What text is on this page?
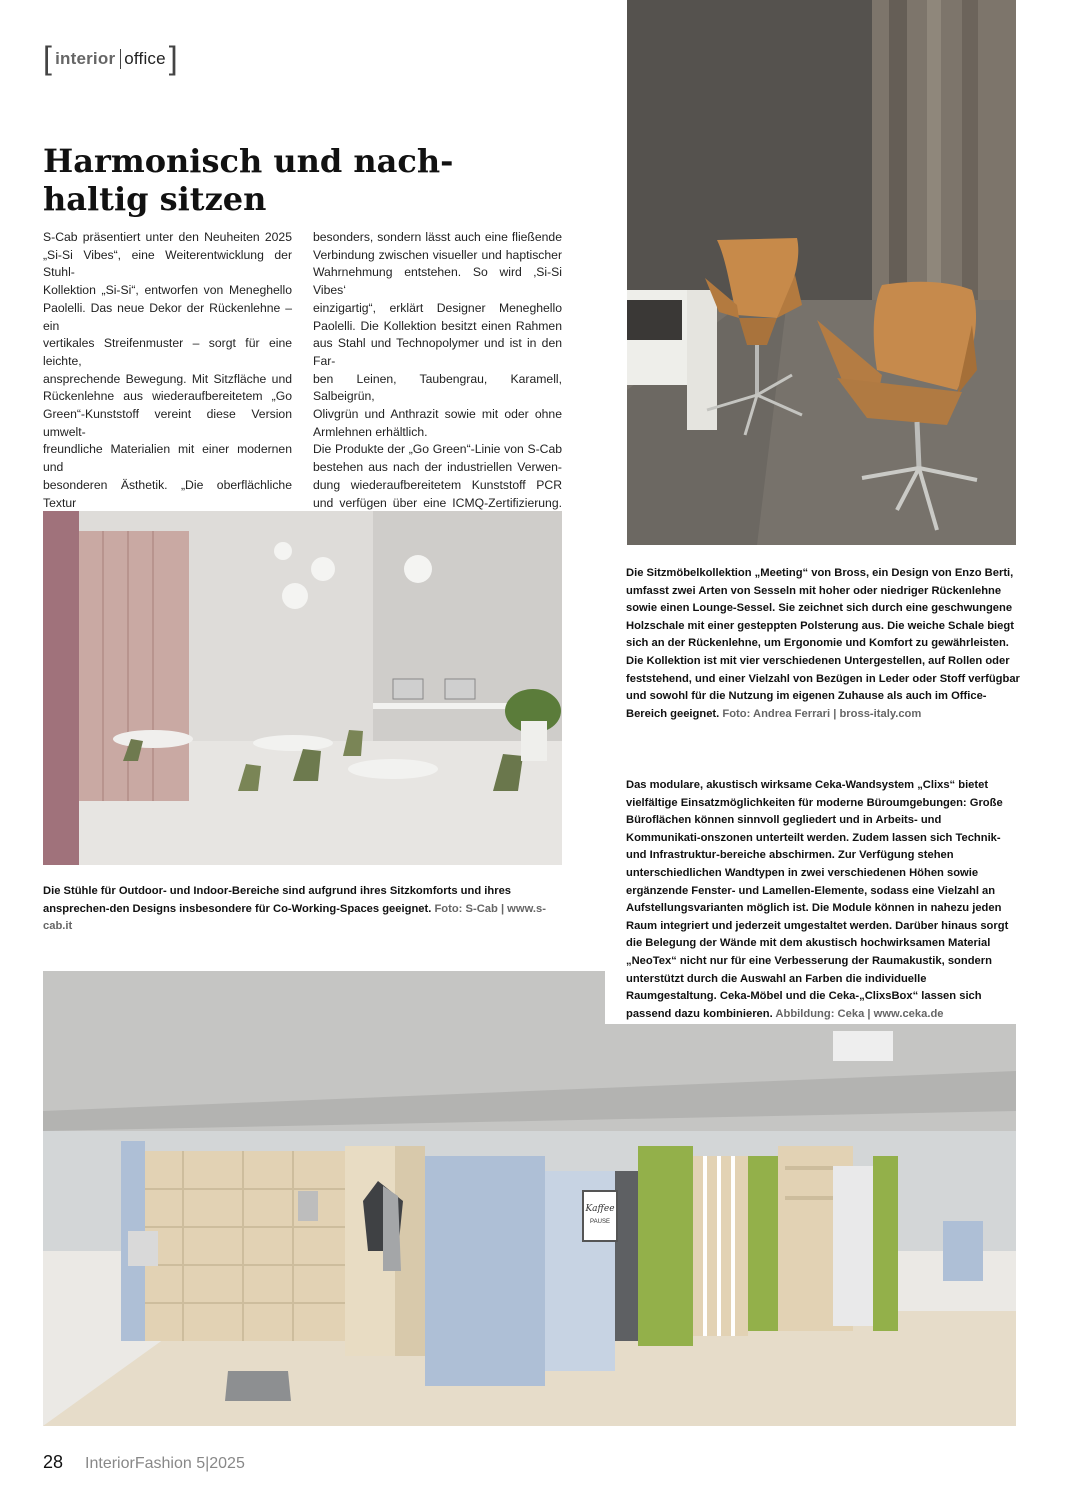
[ interior office ]
Harmonisch und nach-
haltig sitzen

S-Cab präsentiert unter den Neuheiten 2025

„Si-Si Vibes“, eine Weiterentwicklung der Stuhl-

Kollektion „Si-Si“, entworfen von Meneghello

Paolelli. Das neue Dekor der Rückenlehne – ein

vertikales Streifenmuster – sorgt für eine leichte,

ansprechende Bewegung. Mit Sitzfläche und

Rückenlehne aus wiederaufbereitetem „Go

Green“-Kunststoff vereint diese Version umwelt-

freundliche Materialien mit einer modernen und

besonderen Ästhetik. „Die oberflächliche Textur

besonders, sondern lässt auch eine fließende

Verbindung zwischen visueller und haptischer

Wahrnehmung entstehen. So wird ‚Si-Si Vibes‘

einzigartig“, erklärt Designer Meneghello

Paolelli. Die Kollektion besitzt einen Rahmen

aus Stahl und Technopolymer und ist in den Far-

ben Leinen, Taubengrau, Karamell, Salbeigrün,

Olivgrün und Anthrazit sowie mit oder ohne

Armlehnen erhältlich.

Die Produkte der „Go Green“-Linie von S-Cab

bestehen aus nach der industriellen Verwen-

dung wiederaufbereitetem Kunststoff PCR

und verfügen über eine ICMQ-Zertifizierung.

Kaffee
PAUSE

Die Sitzmöbelkollektion „Meeting“ von Bross, ein Design von Enzo Berti, umfasst zwei Arten von Sesseln mit hoher oder niedriger Rückenlehne sowie einen Lounge-Sessel. Sie zeichnet sich durch eine geschwungene Holzschale mit einer gesteppten Polsterung aus. Die weiche Schale biegt sich an der Rückenlehne, um Ergonomie und Komfort zu gewährleisten. Die Kollektion ist mit vier verschiedenen Untergestellen, auf Rollen oder feststehend, und einer Vielzahl von Bezügen in Leder oder Stoff verfügbar und sowohl für die Nutzung im eigenen Zuhause als auch im Office-Bereich geeignet. Foto: Andrea Ferrari | bross-italy.com

Die Stühle für Outdoor- und Indoor-Bereiche sind aufgrund ihres Sitzkomforts und ihres ansprechen-den Designs insbesondere für Co-Working-Spaces geeignet. Foto: S-Cab | www.s-cab.it

Das modulare, akustisch wirksame Ceka-Wandsystem „Clixs“ bietet vielfältige Einsatzmöglichkeiten für moderne Büroumgebungen: Große Büroflächen können sinnvoll gegliedert und in Arbeits- und Kommunikati-onszonen unterteilt werden. Zudem lassen sich Technik- und Infrastruktur-bereiche abschirmen. Zur Verfügung stehen unterschiedlichen Wandtypen in zwei verschiedenen Höhen sowie ergänzende Fenster- und Lamellen-Elemente, sodass eine Vielzahl an Aufstellungsvarianten möglich ist. Die Module können in nahezu jeden Raum integriert und jederzeit umgestaltet werden. Darüber hinaus sorgt die Belegung der Wände mit dem akustisch hochwirksamen Material „NeoTex“ nicht nur für eine Verbesserung der Raumakustik, sondern unterstützt durch die Auswahl an Farben die individuelle Raumgestaltung. Ceka-Möbel und die Ceka-„ClixsBox“ lassen sich passend dazu kombinieren. Abbildung: Ceka | www.ceka.de

28 InteriorFashion 5|2025
